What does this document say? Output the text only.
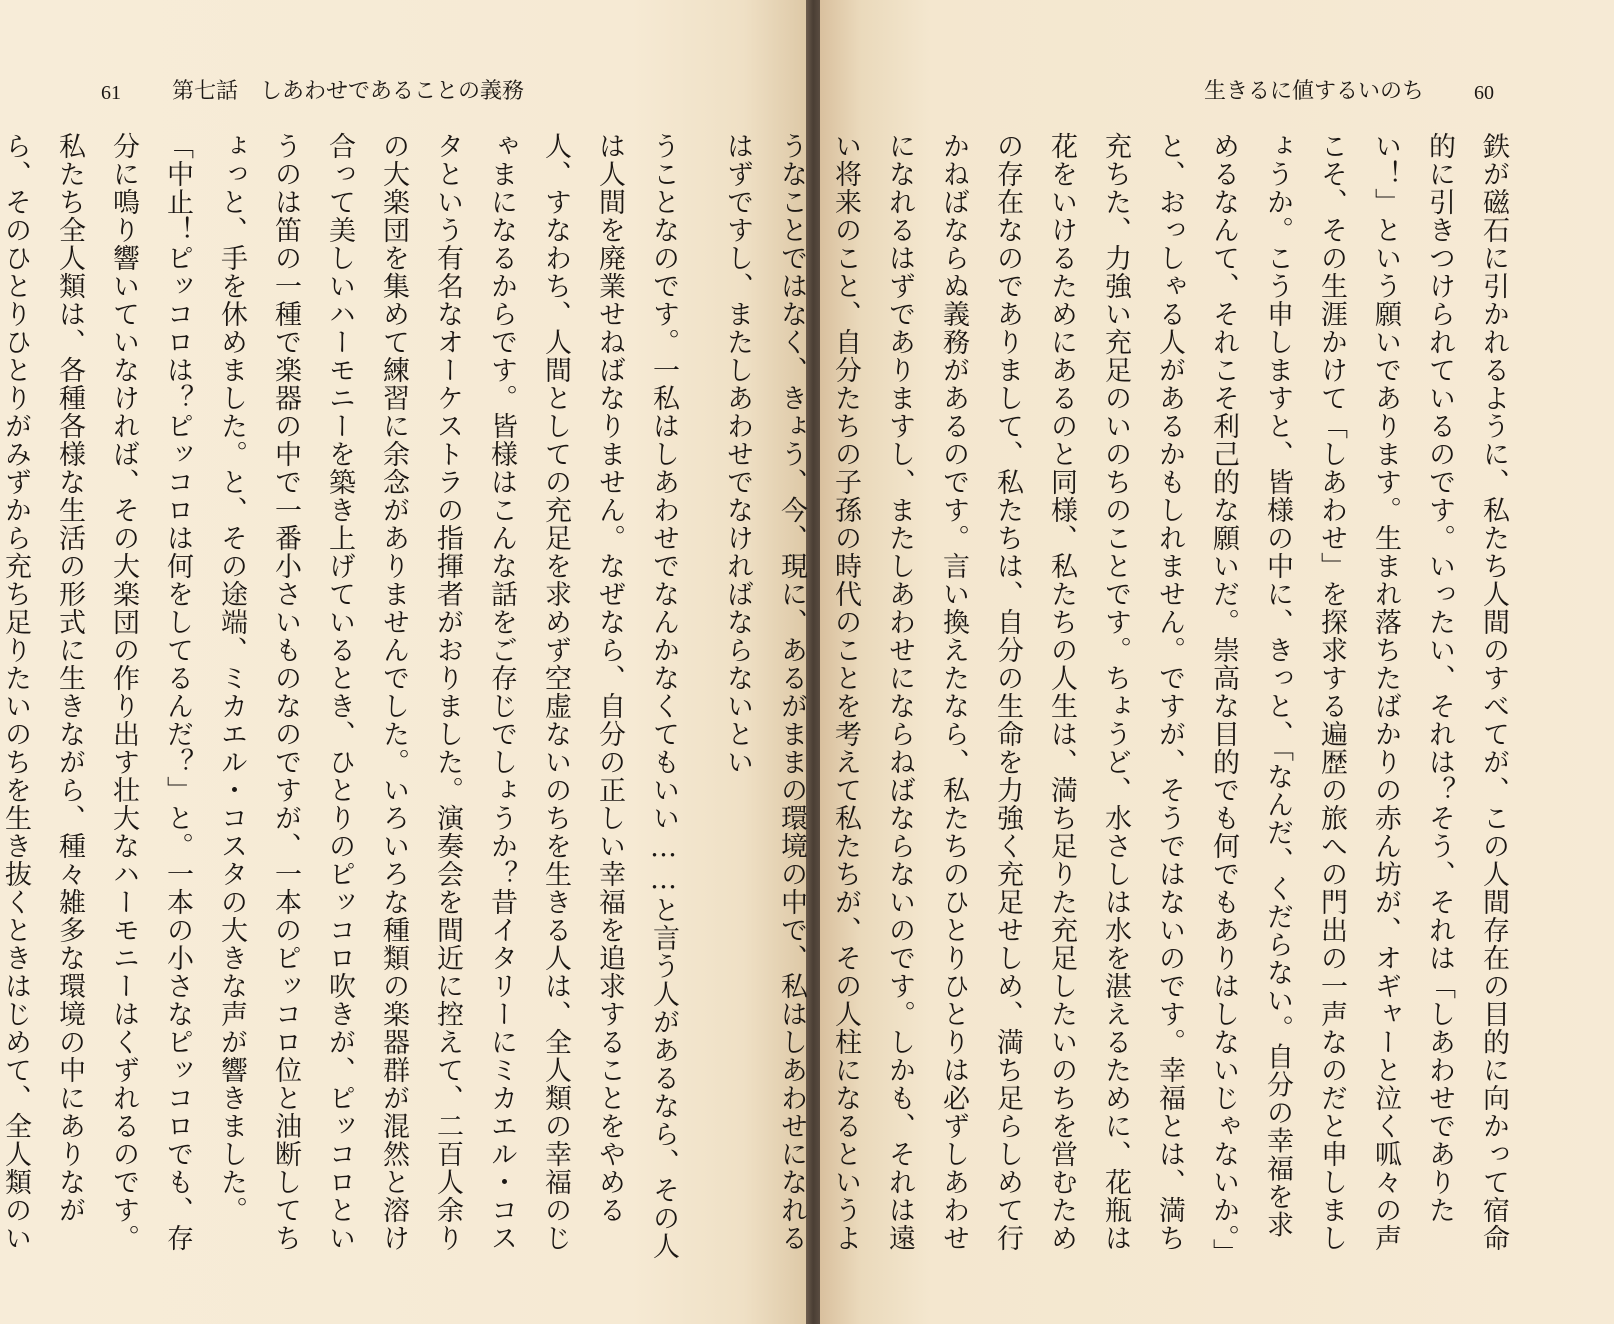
61 第七話　しあわせであることの義務
うことなのです。一私はしあわせでなんかなくてもいい……と言う人があるなら、その人は人間を廃業せねばなりません。なぜなら、自分の正しい幸福を追求することをやめる人、すなわち、人間としての充足を求めず空虚ないのちを生きる人は、全人類の幸福のじゃまになるからです。皆様はこんな話をご存じでしょうか？昔イタリーにミカエル・コスタという有名なオーケストラの指揮者がおりました。演奏会を間近に控えて、二百人余りの大楽団を集めて練習に余念がありませんでした。いろいろな種類の楽器群が混然と溶け合って美しいハーモニーを築き上げているとき、ひとりのピッコロ吹きが、ピッコロというのは笛の一種で楽器の中で一番小さいものなのですが、一本のピッコロ位と油断してちょっと、手を休めました。と、その途端、ミカエル・コスタの大きな声が響きました。「中止！ピッコロは？ピッコロは何をしてるんだ？」と。一本の小さなピッコロでも、存分に鳴り響いていなければ、その大楽団の作り出す壮大なハーモニーはくずれるのです。私たち全人類は、各種各様な生活の形式に生きながら、種々雑多な環境の中にありながら、そのひとりひとりがみずから充ち足りたいのちを生き抜くときはじめて、全人類のい
生きるに値するいのち 60
鉄が磁石に引かれるように、私たち人間のすべてが、この人間存在の目的に向かって宿命的に引きつけられているのです。いったい、それは？そう、それは「しあわせでありたい！」という願いであります。生まれ落ちたばかりの赤ん坊が、オギャーと泣く呱々の声こそ、その生涯かけて「しあわせ」を探求する遍歴の旅への門出の一声なのだと申しましょうか。こう申しますと、皆様の中に、きっと、「なんだ、くだらない。自分の幸福を求めるなんて、それこそ利己的な願いだ。崇高な目的でも何でもありはしないじゃないか。」と、おっしゃる人があるかもしれません。ですが、そうではないのです。幸福とは、満ち充ちた、力強い充足のいのちのことです。ちょうど、水さしは水を湛えるために、花瓶は花をいけるためにあるのと同様、私たちの人生は、満ち足りた充足したいのちを営むための存在なのでありまして、私たちは、自分の生命を力強く充足せしめ、満ち足らしめて行かねばならぬ義務があるのです。言い換えたなら、私たちのひとりひとりは必ずしあわせになれるはずでありますし、またしあわせにならねばならないのです。しかも、それは遠い将来のこと、自分たちの子孫の時代のことを考えて私たちが、その人柱になるというようなことではなく、きょう、今、現に、あるがままの環境の中で、私はしあわせになれるはずですし、またしあわせでなければならないとい
